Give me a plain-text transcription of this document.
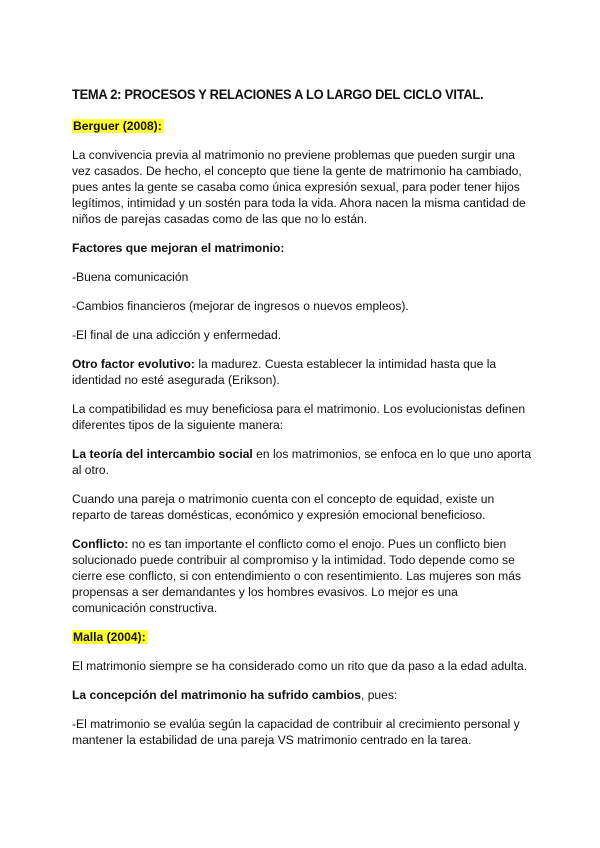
TEMA 2: PROCESOS Y RELACIONES A LO LARGO DEL CICLO VITAL.

Berguer (2008):

La convivencia previa al matrimonio no previene problemas que pueden surgir una vez casados. De hecho, el concepto que tiene la gente de matrimonio ha cambiado, pues antes la gente se casaba como única expresión sexual, para poder tener hijos legítimos, intimidad y un sostén para toda la vida. Ahora nacen la misma cantidad de niños de parejas casadas como de las que no lo están.

Factores que mejoran el matrimonio:

-Buena comunicación

-Cambios financieros (mejorar de ingresos o nuevos empleos).

-El final de una adicción y enfermedad.

Otro factor evolutivo: la madurez. Cuesta establecer la intimidad hasta que la identidad no esté asegurada (Erikson).

La compatibilidad es muy beneficiosa para el matrimonio. Los evolucionistas definen diferentes tipos de la siguiente manera:

La teoría del intercambio social en los matrimonios, se enfoca en lo que uno aporta al otro.

Cuando una pareja o matrimonio cuenta con el concepto de equidad, existe un reparto de tareas domésticas, económico y expresión emocional beneficioso.

Conflicto: no es tan importante el conflicto como el enojo. Pues un conflicto bien solucionado puede contribuir al compromiso y la intimidad. Todo depende como se cierre ese conflicto, si con entendimiento o con resentimiento. Las mujeres son más propensas a ser demandantes y los hombres evasivos. Lo mejor es una comunicación constructiva.

Malla (2004):

El matrimonio siempre se ha considerado como un rito que da paso a la edad adulta.

La concepción del matrimonio ha sufrido cambios, pues:

-El matrimonio se evalúa según la capacidad de contribuir al crecimiento personal y mantener la estabilidad de una pareja VS matrimonio centrado en la tarea.
